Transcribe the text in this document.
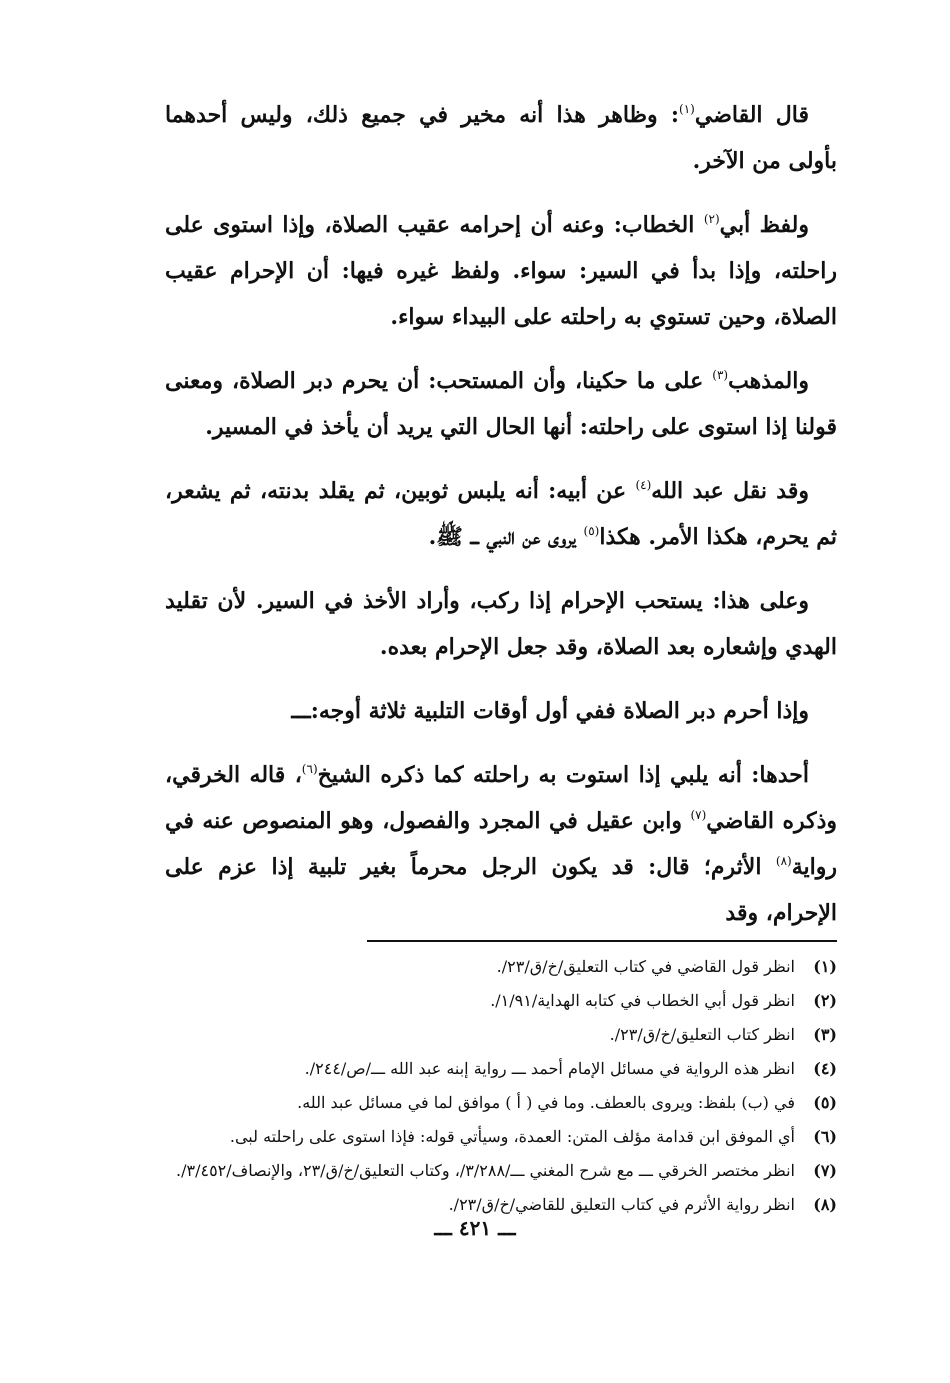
قال القاضي$^{(١)}$: وظاهر هذا أنه مخير في جميع ذلك، وليس أحدهما بأولى من الآخر.

ولفظ أبي$^{(٢)}$ الخطاب: وعنه أن إحرامه عقيب الصلاة، وإذا استوى على راحلته، وإذا بدأ في السير: سواء. ولفظ غيره فيها: أن الإحرام عقيب الصلاة، وحين تستوي به راحلته على البيداء سواء.

والمذهب$^{(٣)}$ على ما حكينا، وأن المستحب: أن يحرم دبر الصلاة، ومعنى قولنا إذا استوى على راحلته: أنها الحال التي يريد أن يأخذ في المسير.

وقد نقل عبد الله$^{(٤)}$ عن أبيه: أنه يلبس ثوبين، ثم يقلد بدنته، ثم يشعر، ثم يحرم، هكذا الأمر. هكذا$^{(٥)}$ يروى عن النبي ـــ ﷺ.

وعلى هذا: يستحب الإحرام إذا ركب، وأراد الأخذ في السير. لأن تقليد الهدي وإشعاره بعد الصلاة، وقد جعل الإحرام بعده.

وإذا أحرم دبر الصلاة ففي أول أوقات التلبية ثلاثة أوجه:ـــ

أحدها: أنه يلبي إذا استوت به راحلته كما ذكره الشيخ$^{(٦)}$، قاله الخرقي، وذكره القاضي$^{(٧)}$ وابن عقيل في المجرد والفصول، وهو المنصوص عنه في رواية$^{(٨)}$ الأثرم؛ قال: قد يكون الرجل محرماً بغير تلبية إذا عزم على الإحرام، وقد

(١)
انظر قول القاضي في كتاب التعليق/خ/ق/٢٣/.
(٢)
انظر قول أبي الخطاب في كتابه الهداية/١/٩١/.
(٣)
انظر كتاب التعليق/خ/ق/٢٣/.
(٤)
انظر هذه الرواية في مسائل الإمام أحمد ـــ رواية إبنه عبد الله ـــ/ص/٢٤٤/.
(٥)
في (ب) بلفظ: ويروى بالعطف. وما في ( أ ) موافق لما في مسائل عبد الله.
(٦)
أي الموفق ابن قدامة مؤلف المتن: العمدة، وسيأتي قوله: فإذا استوى على راحلته لبى.
(٧)
انظر مختصر الخرقي ـــ مع شرح المغني ـــ/٣/٢٨٨/، وكتاب التعليق/خ/ق/٢٣، والإنصاف/٣/٤٥٢/.
(٨)
انظر رواية الأثرم في كتاب التعليق للقاضي/خ/ق/٢٣/.
ـــ ٤٢١ ـــ
